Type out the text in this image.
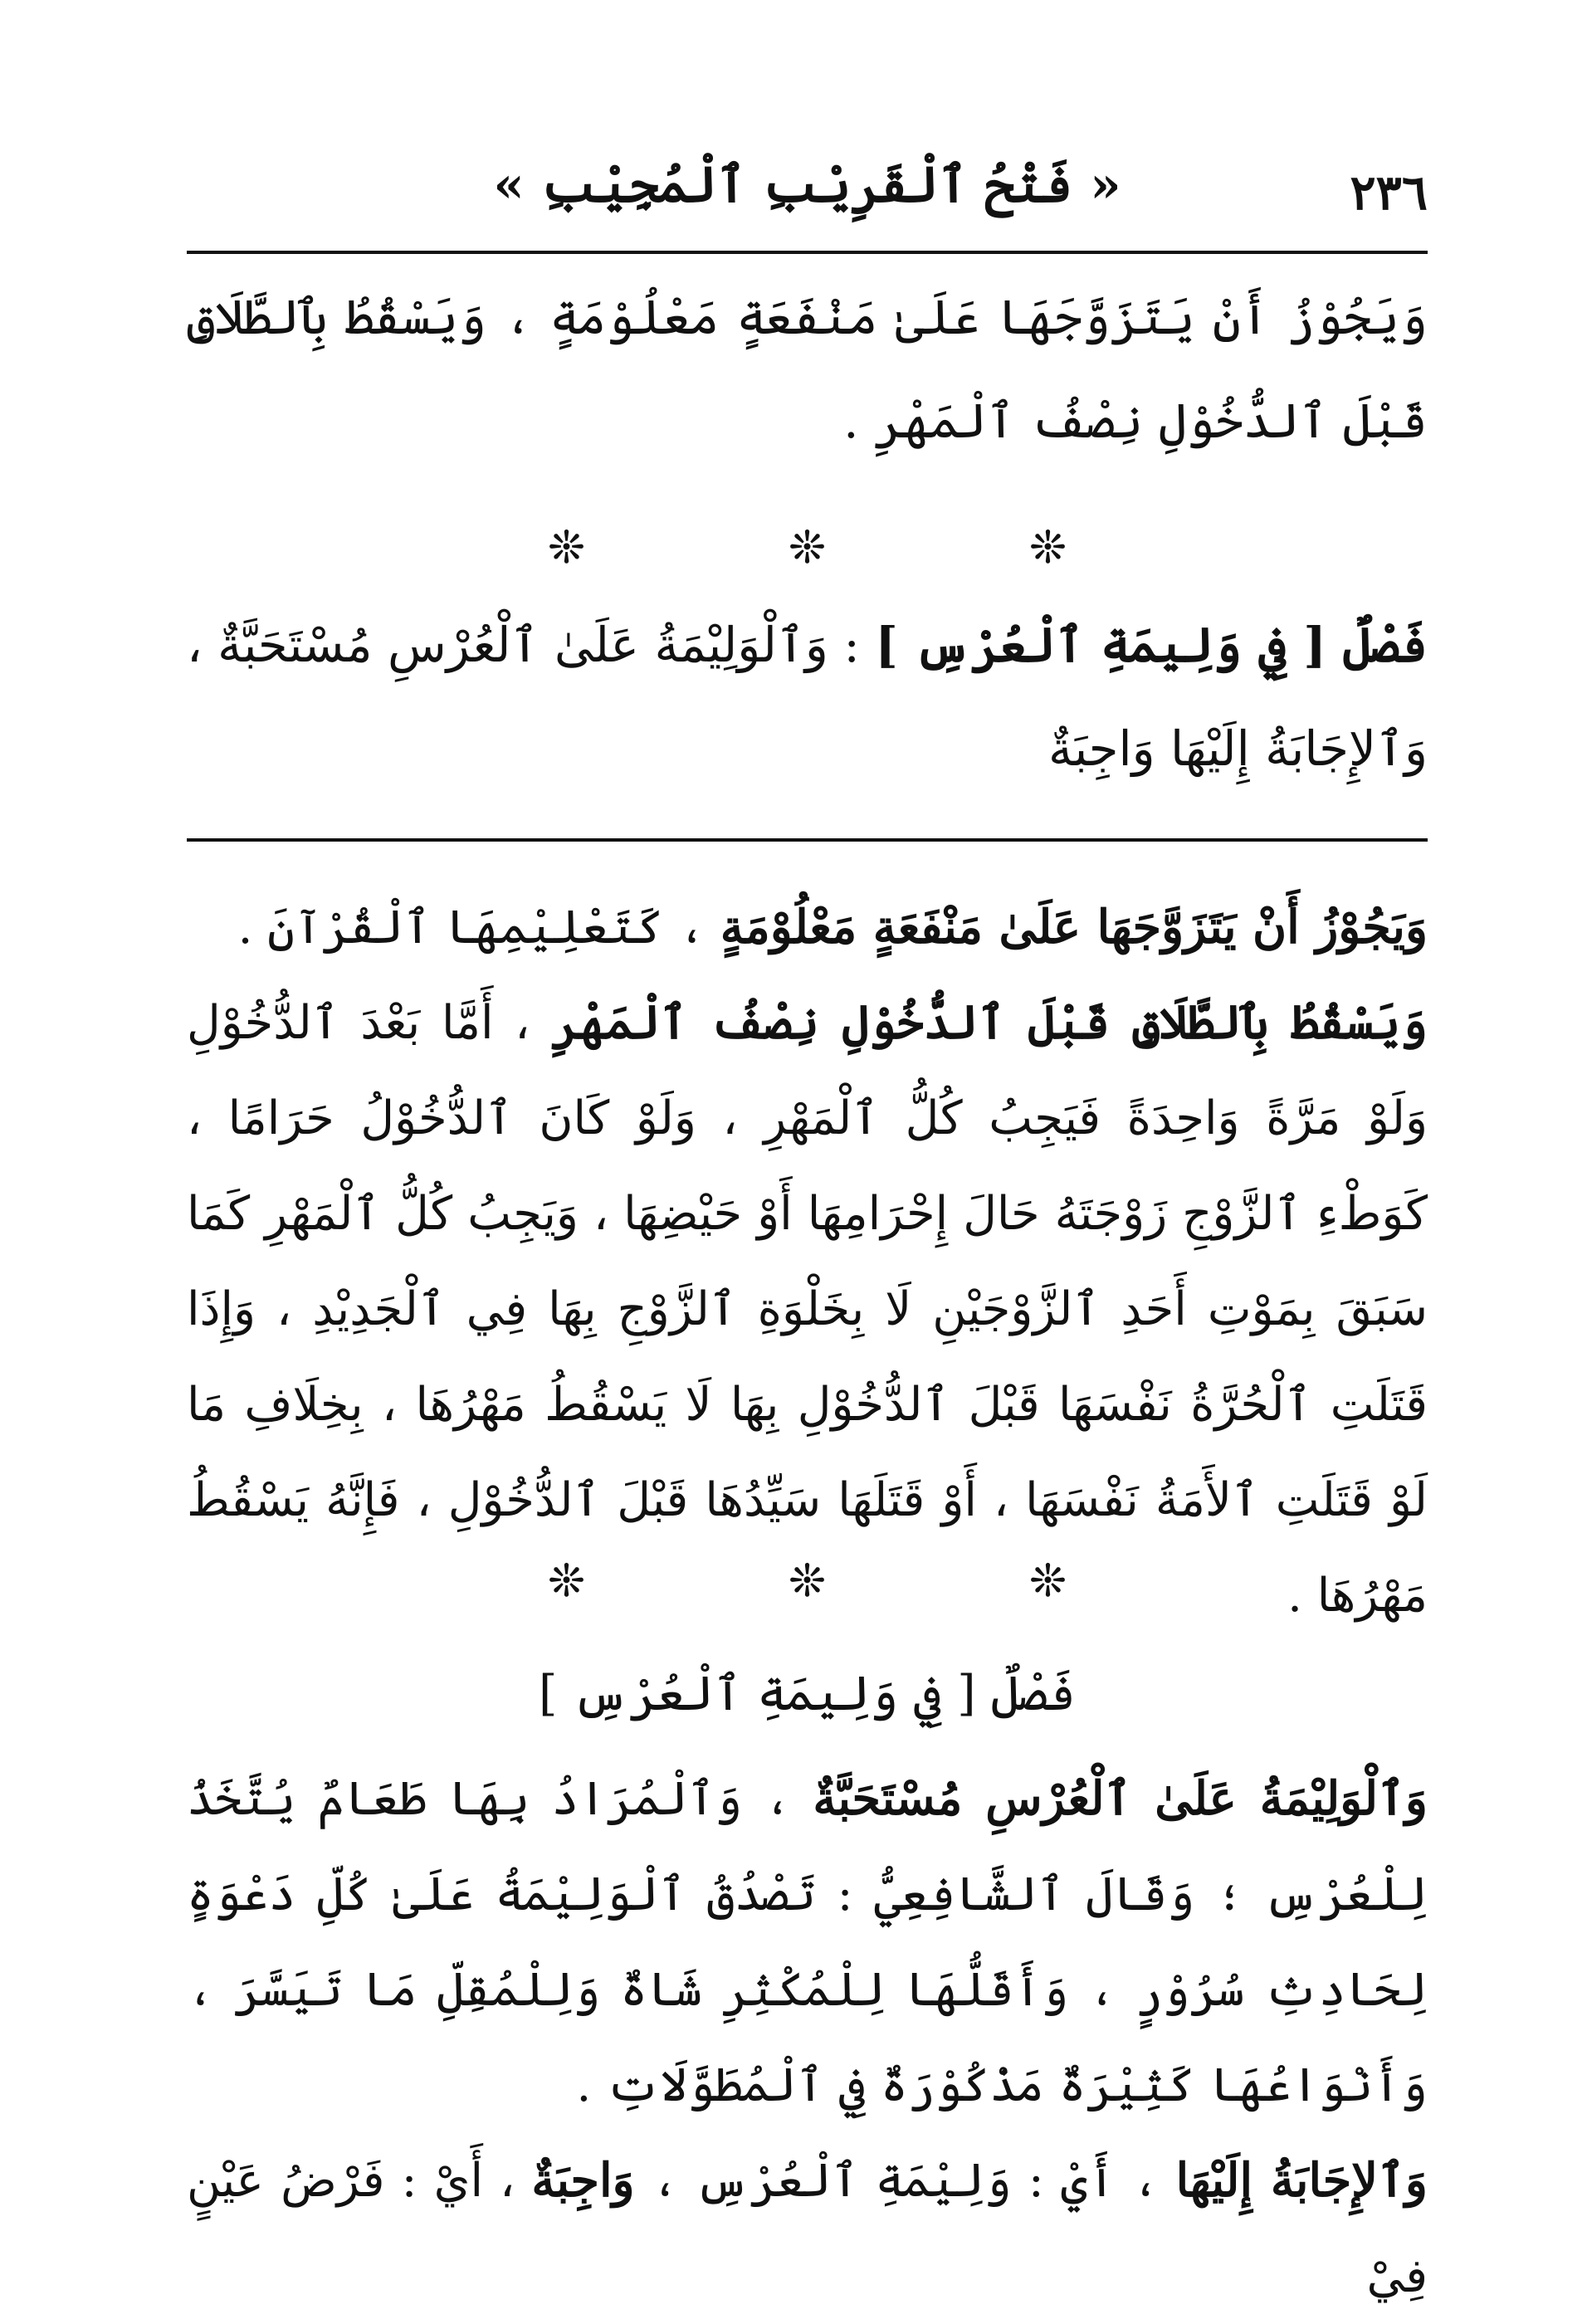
٢٣٦
« فَتْحُ ٱلْقَرِيْبِ ٱلْمُجِيْبِ »

وَيَجُوْزُ أَنْ يَتَزَوَّجَهَا عَلَىٰ مَنْفَعَةٍ مَعْلُوْمَةٍ ، وَيَسْقُطُ بِٱلطَّلَاقِ قَبْلَ ٱلدُّخُوْلِ نِصْفُ ٱلْمَهْرِ .

❊	❊	❊

فَصْلٌ [ فِي وَلِيمَةِ ٱلْعُرْسِ ] : وَٱلْوَلِيْمَةُ عَلَىٰ ٱلْعُرْسِ مُسْتَحَبَّةٌ ، وَٱلإِجَابَةُ إِلَيْهَا وَاجِبَةٌ

وَيَجُوْزُ أَنْ يَتَزَوَّجَهَا عَلَىٰ مَنْفَعَةٍ مَعْلُوْمَةٍ ، كَتَعْلِيْمِهَا ٱلْقُرْآنَ .

وَيَسْقُطُ بِٱلطَّلَاقِ قَبْلَ ٱلدُّخُوْلِ نِصْفُ ٱلْمَهْرِ ، أَمَّا بَعْدَ ٱلدُّخُوْلِ وَلَوْ مَرَّةً وَاحِدَةً فَيَجِبُ كُلُّ ٱلْمَهْرِ ، وَلَوْ كَانَ ٱلدُّخُوْلُ حَرَامًا ، كَوَطْءِ ٱلزَّوْجِ زَوْجَتَهُ حَالَ إِحْرَامِهَا أَوْ حَيْضِهَا ، وَيَجِبُ كُلُّ ٱلْمَهْرِ كَمَا سَبَقَ بِمَوْتِ أَحَدِ ٱلزَّوْجَيْنِ لَا بِخَلْوَةِ ٱلزَّوْجِ بِهَا فِي ٱلْجَدِيْدِ ، وَإِذَا قَتَلَتِ ٱلْحُرَّةُ نَفْسَهَا قَبْلَ ٱلدُّخُوْلِ بِهَا لَا يَسْقُطُ مَهْرُهَا ، بِخِلَافِ مَا لَوْ قَتَلَتِ ٱلأَمَةُ نَفْسَهَا ، أَوْ قَتَلَهَا سَيِّدُهَا قَبْلَ ٱلدُّخُوْلِ ، فَإِنَّهُ يَسْقُطُ مَهْرُهَا .

❊	❊	❊
فَصْلٌ [ فِي وَلِيمَةِ ٱلْعُرْسِ ]

وَٱلْوَلِيْمَةُ عَلَىٰ ٱلْعُرْسِ مُسْتَحَبَّةٌ ، وَٱلْمُرَادُ بِهَا طَعَامٌ يُتَّخَذُ لِلْعُرْسِ ؛ وَقَالَ ٱلشَّافِعِيُّ : تَصْدُقُ ٱلْوَلِيْمَةُ عَلَىٰ كُلِّ دَعْوَةٍ لِحَادِثِ سُرُوْرٍ ، وَأَقَلُّهَا لِلْمُكْثِرِ شَاةٌ وَلِلْمُقِلِّ مَا تَيَسَّرَ ، وَأَنْوَاعُهَا كَثِيْرَةٌ مَذْكُوْرَةٌ فِي ٱلْمُطَوَّلَاتِ .

وَٱلإِجَابَةُ إِلَيْهَا ، أَيْ : وَلِيْمَةِ ٱلْعُرْسِ ، وَاجِبَةٌ ، أَيْ : فَرْضُ عَيْنٍ فِيْ
